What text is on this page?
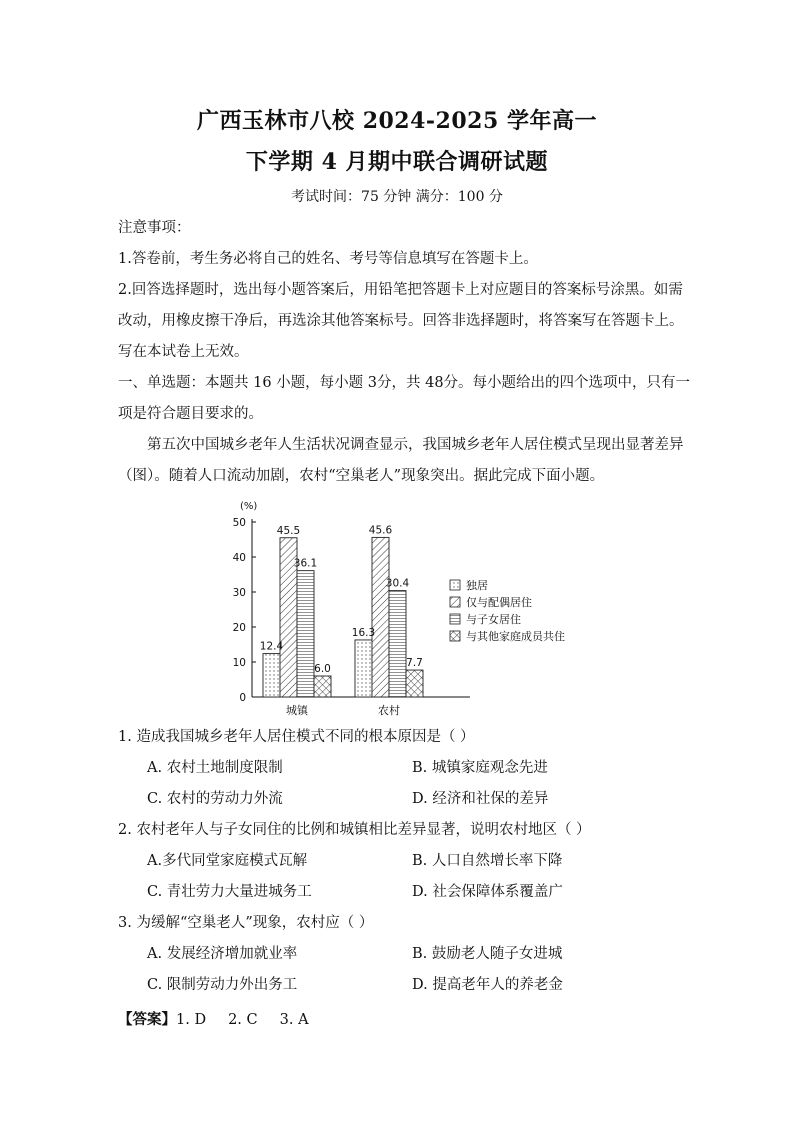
广西玉林市八校 2024-2025 学年高一
下学期 4 月期中联合调研试题
考试时间：75 分钟 满分：100 分
注意事项：
1.答卷前，考生务必将自己的姓名、考号等信息填写在答题卡上。
2.回答选择题时，选出每小题答案后，用铅笔把答题卡上对应题目的答案标号涂黑。如需
改动，用橡皮擦干净后，再选涂其他答案标号。回答非选择题时，将答案写在答题卡上。
写在本试卷上无效。
一、单选题：本题共 16 小题，每小题 3分，共 48分。每小题给出的四个选项中，只有一
项是符合题目要求的。
第五次中国城乡老年人生活状况调查显示，我国城乡老年人居住模式呈现出显著差异
（图）。随着人口流动加剧，农村“空巢老人”现象突出。据此完成下面小题。
(%)
0
10
20
30
40
50
12.4
45.5
36.1
6.0
16.3
45.6
30.4
7.7
城镇	农村
独居
仅与配偶居住
与子女居住
与其他家庭成员共住
1. 造成我国城乡老年人居住模式不同的根本原因是（ ）
A. 农村土地制度限制	B. 城镇家庭观念先进
C. 农村的劳动力外流	D. 经济和社保的差异
2. 农村老年人与子女同住的比例和城镇相比差异显著，说明农村地区（ ）
A.多代同堂家庭模式瓦解	B. 人口自然增长率下降
C. 青壮劳力大量进城务工	D. 社会保障体系覆盖广
3. 为缓解“空巢老人”现象，农村应（ ）
A. 发展经济增加就业率	B. 鼓励老人随子女进城
C. 限制劳动力外出务工	D. 提高老年人的养老金
【答案】1. D 2. C 3. A
